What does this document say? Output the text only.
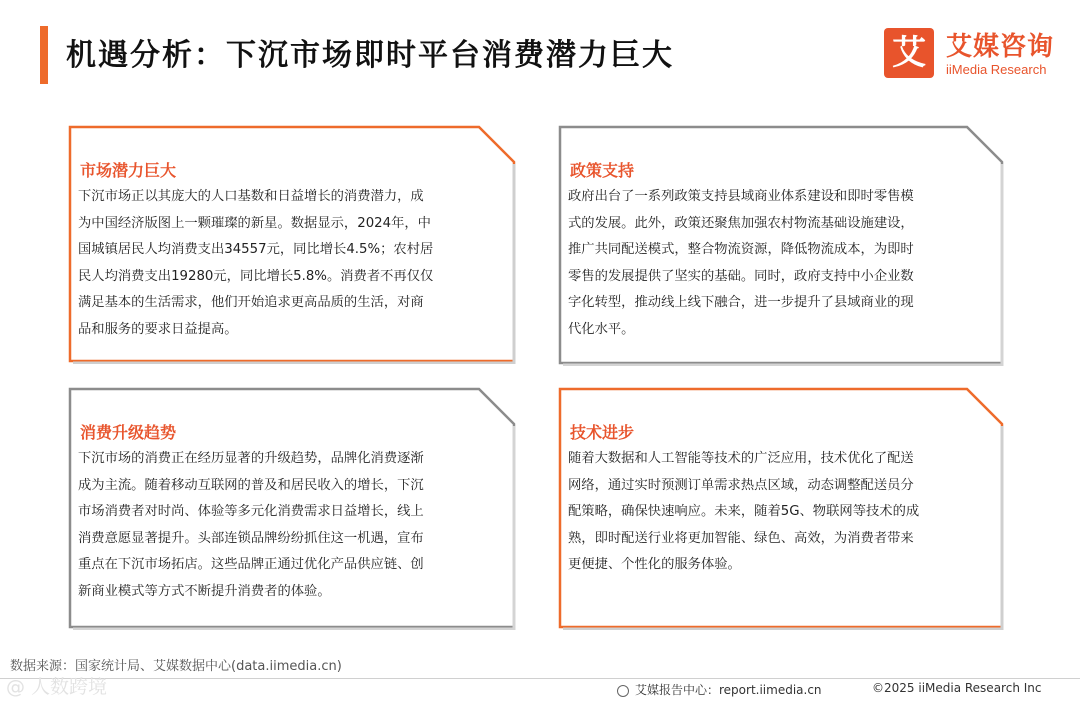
机遇分析：下沉市场即时平台消费潜力巨大	艾 艾媒咨询
iiMedia Research
市场潜力巨大
下沉市场正以其庞大的人口基数和日益增长的消费潜力，成
为中国经济版图上一颗璀璨的新星。数据显示，2024年，中
国城镇居民人均消费支出34557元，同比增长4.5%；农村居
民人均消费支出19280元，同比增长5.8%。消费者不再仅仅
满足基本的生活需求，他们开始追求更高品质的生活，对商
品和服务的要求日益提高。
政策支持
政府出台了一系列政策支持县域商业体系建设和即时零售模
式的发展。此外，政策还聚焦加强农村物流基础设施建设，
推广共同配送模式，整合物流资源，降低物流成本，为即时
零售的发展提供了坚实的基础。同时，政府支持中小企业数
字化转型，推动线上线下融合，进一步提升了县域商业的现
代化水平。
消费升级趋势
下沉市场的消费正在经历显著的升级趋势，品牌化消费逐渐
成为主流。随着移动互联网的普及和居民收入的增长，下沉
市场消费者对时尚、体验等多元化消费需求日益增长，线上
消费意愿显著提升。头部连锁品牌纷纷抓住这一机遇，宣布
重点在下沉市场拓店。这些品牌正通过优化产品供应链、创
新商业模式等方式不断提升消费者的体验。
技术进步
随着大数据和人工智能等技术的广泛应用，技术优化了配送
网络，通过实时预测订单需求热点区域，动态调整配送员分
配策略，确保快速响应。未来，随着5G、物联网等技术的成
熟，即时配送行业将更加智能、绿色、高效，为消费者带来
更便捷、个性化的服务体验。
数据来源：国家统计局、艾媒数据中心(data.iimedia.cn)
@ 人数跨境	艾媒报告中心：report.iimedia.cn	©2025 iiMedia Research Inc
